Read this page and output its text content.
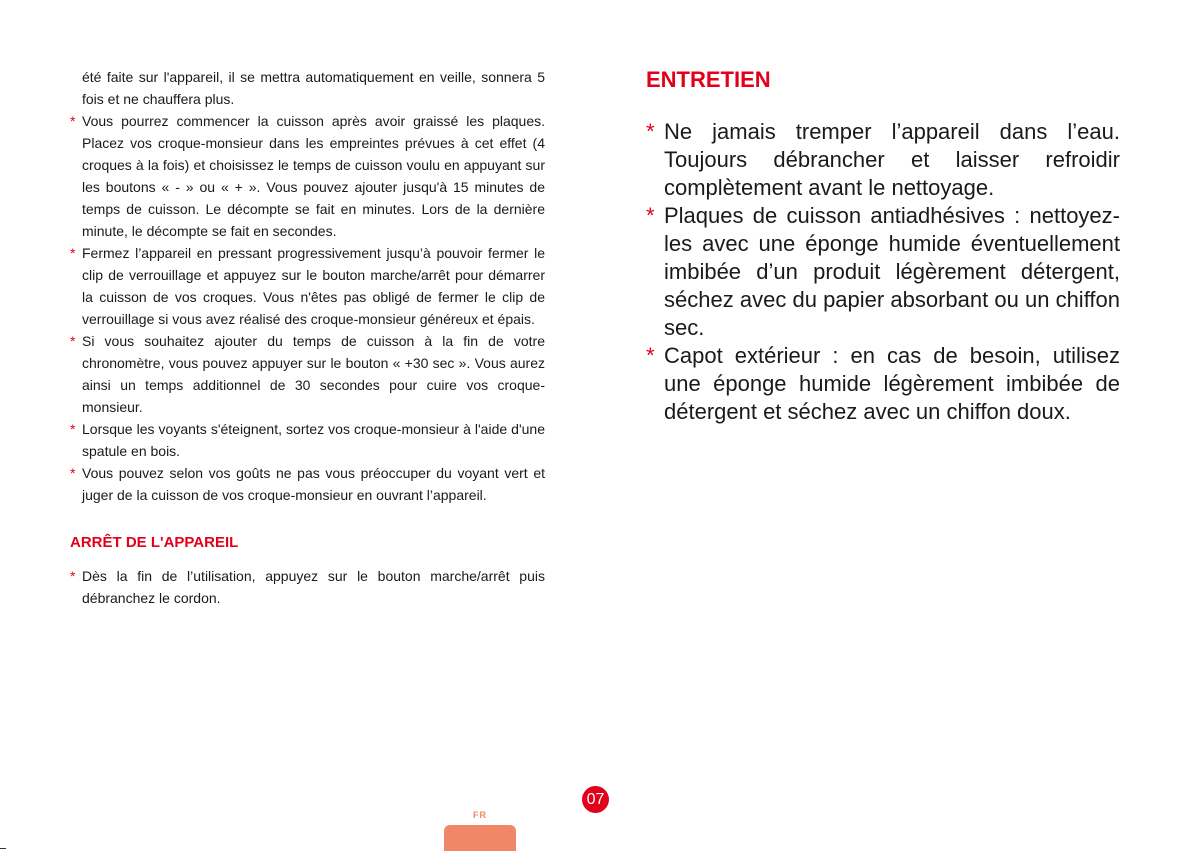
été faite sur l'appareil, il se mettra automatiquement en veille, sonnera 5 fois et ne chauffera plus.
* Vous pourrez commencer la cuisson après avoir graissé les plaques. Placez vos croque-monsieur dans les empreintes prévues à cet effet (4 croques à la fois) et choisissez le temps de cuisson voulu en appuyant sur les boutons « - » ou « + ». Vous pouvez ajouter jusqu'à 15 minutes de temps de cuisson. Le décompte se fait en minutes. Lors de la dernière minute, le décompte se fait en secondes.
* Fermez l’appareil en pressant progressivement jusqu’à pouvoir fermer le clip de verrouillage et appuyez sur le bouton marche/arrêt pour démarrer la cuisson de vos croques. Vous n'êtes pas obligé de fermer le clip de verrouillage si vous avez réalisé des croque-monsieur généreux et épais.
* Si vous souhaitez ajouter du temps de cuisson à la fin de votre chronomètre, vous pouvez appuyer sur le bouton « +30 sec ». Vous aurez ainsi un temps additionnel de 30 secondes pour cuire vos croque-monsieur.
* Lorsque les voyants s'éteignent, sortez vos croque-monsieur à l'aide d'une spatule en bois.
* Vous pouvez selon vos goûts ne pas vous préoccuper du voyant vert et juger de la cuisson de vos croque-monsieur en ouvrant l’appareil.
ARRÊT DE L'APPAREIL
* Dès la fin de l’utilisation, appuyez sur le bouton marche/arrêt puis débranchez le cordon.
ENTRETIEN
* Ne jamais tremper l’appareil dans l’eau. Toujours débrancher et laisser refroidir complètement avant le nettoyage.
* Plaques de cuisson antiadhésives : nettoyez-les avec une éponge humide éventuellement imbibée d’un produit légèrement détergent, séchez avec du papier absorbant ou un chiffon sec.
* Capot extérieur : en cas de besoin, utilisez une éponge humide légèrement imbibée de détergent et séchez avec un chiffon doux.
07
FR
